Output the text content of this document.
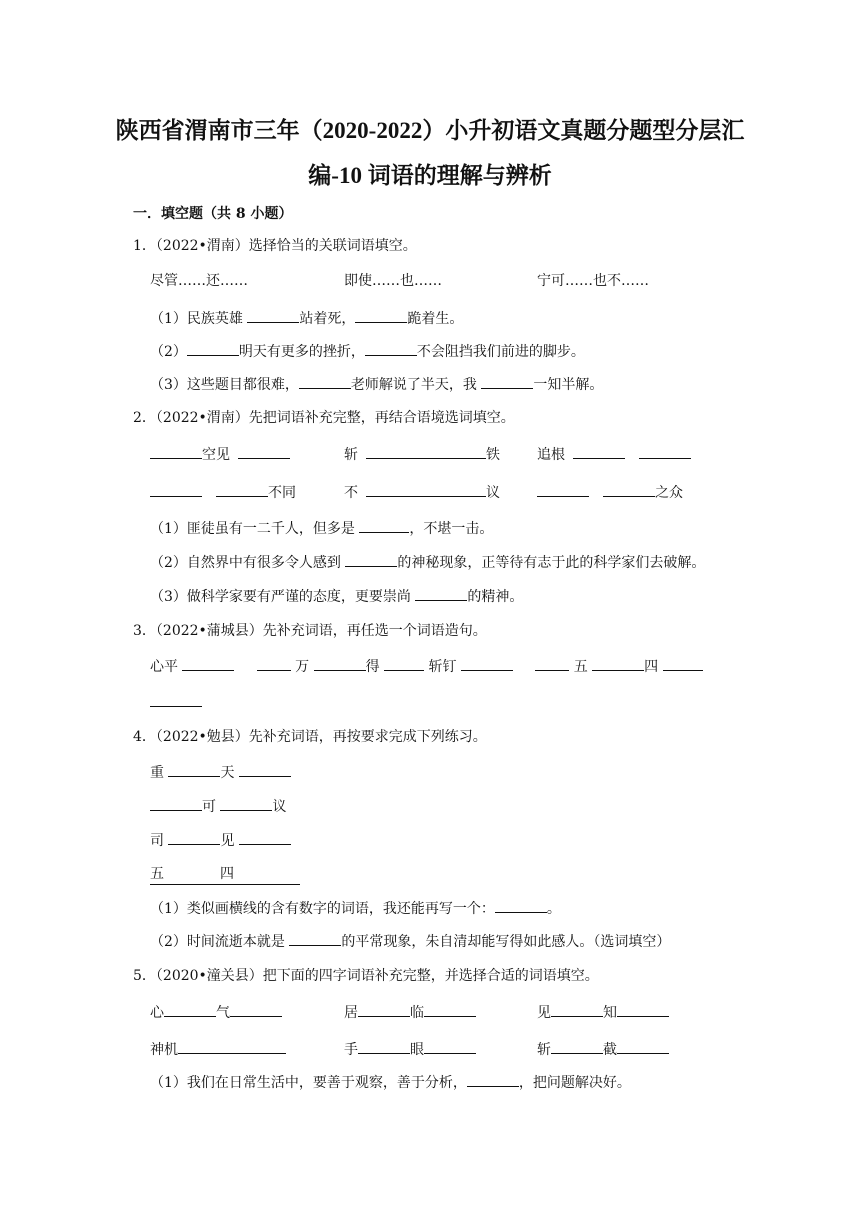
陕西省渭南市三年（2020-2022）小升初语文真题分题型分层汇
编-10 词语的理解与辨析
一．填空题（共 8 小题）
1．（2022•渭南）选择恰当的关联词语填空。
尽管……还……	即使……也……	宁可……也不……
（1）民族英雄	站着死，	跪着生。
（2）	明天有更多的挫折，	不会阻挡我们前进的脚步。
（3）这些题目都很难，	老师解说了半天，我	一知半解。
2．（2022•渭南）先把词语补充完整，再结合语境选词填空。
空见	斩	铁	追根
不同	不	议	之众
（1）匪徒虽有一二千人，但多是	，不堪一击。
（2）自然界中有很多令人感到	的神秘现象，正等待有志于此的科学家们去破解。
（3）做科学家要有严谨的态度，更要崇尚	的精神。
3．（2022•蒲城县）先补充词语，再任选一个词语造句。
心平	万	得	斩钉	五	四
4．（2022•勉县）先补充词语，再按要求完成下列练习。
重	天
可	议
司	见
五　　　　四
（1）类似画横线的含有数字的词语，我还能再写一个：	。
（2）时间流逝本就是	的平常现象，朱自清却能写得如此感人。（选词填空）
5．（2020•潼关县）把下面的四字词语补充完整，并选择合适的词语填空。
心	气	居	临	见	知
神机	手	眼	斩	截
（1）我们在日常生活中，要善于观察，善于分析，	，把问题解决好。
